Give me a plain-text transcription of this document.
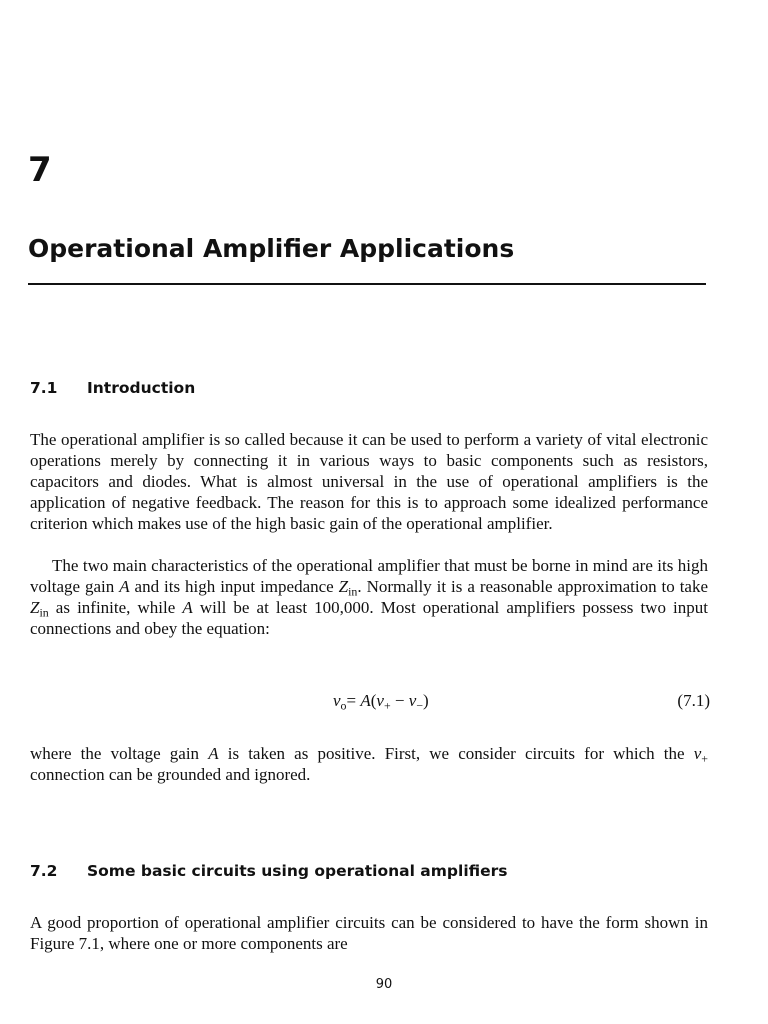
7
Operational Amplifier Applications
7.1 Introduction

The operational amplifier is so called because it can be used to perform a variety of vital electronic operations merely by connecting it in various ways to basic components such as resistors, capacitors and diodes. What is almost universal in the use of operational amplifiers is the application of negative feedback. The reason for this is to approach some idealized performance criterion which makes use of the high basic gain of the operational amplifier.

The two main characteristics of the operational amplifier that must be borne in mind are its high voltage gain A and its high input impedance $Z_{in}$. Normally it is a reasonable approximation to take $Z_{in}$ as infinite, while A will be at least 100,000. Most operational amplifiers possess two input connections and obey the equation:

$v_o= A(v_+ - v_-)$	(7.1)

where the voltage gain A is taken as positive. First, we consider circuits for which the $v_+$ connection can be grounded and ignored.

7.2 Some basic circuits using operational amplifiers

A good proportion of operational amplifier circuits can be considered to have the form shown in Figure 7.1, where one or more components are

90
